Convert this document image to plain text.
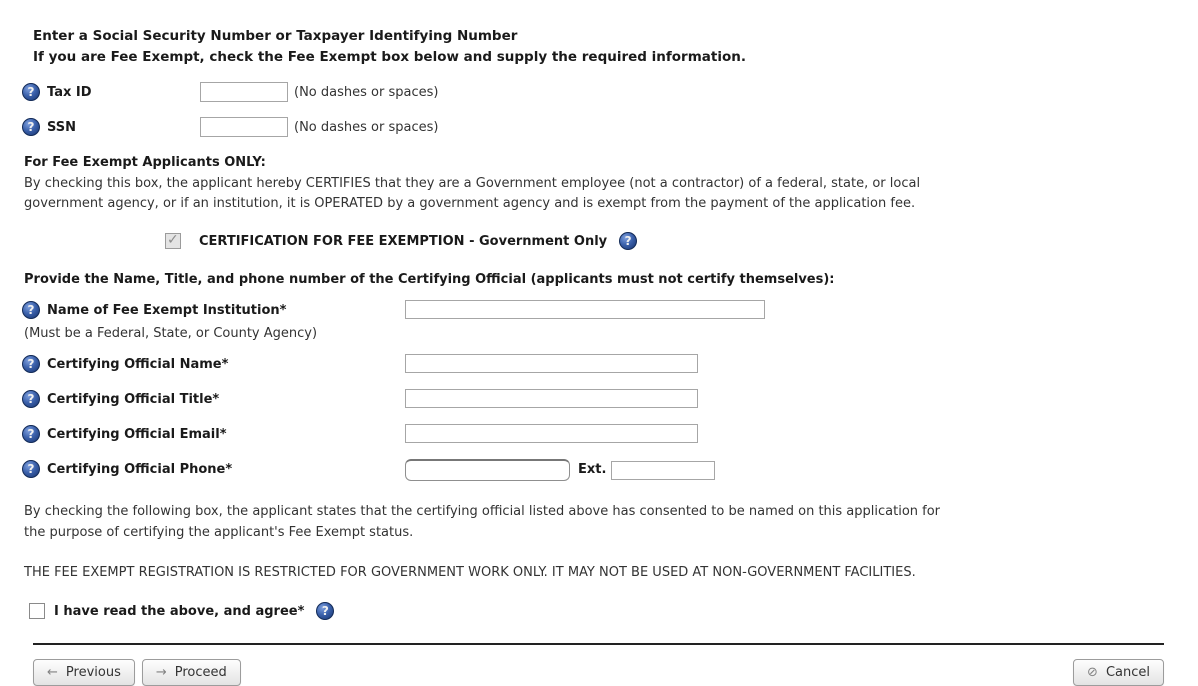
Enter a Social Security Number or Taxpayer Identifying Number
If you are Fee Exempt, check the Fee Exempt box below and supply the required information.
? Tax ID	(No dashes or spaces)
? SSN	(No dashes or spaces)
For Fee Exempt Applicants ONLY:
By checking this box, the applicant hereby CERTIFIES that they are a Government employee (not a contractor) of a federal, state, or local government agency, or if an institution, it is OPERATED by a government agency and is exempt from the payment of the application fee.
✓
CERTIFICATION FOR FEE EXEMPTION - Government Only	?
Provide the Name, Title, and phone number of the Certifying Official (applicants must not certify themselves):
? Name of Fee Exempt Institution*
(Must be a Federal, State, or County Agency)
? Certifying Official Name*
? Certifying Official Title*
? Certifying Official Email*
? Certifying Official Phone*	Ext.
By checking the following box, the applicant states that the certifying official listed above has consented to be named on this application for the purpose of certifying the applicant's Fee Exempt status.
THE FEE EXEMPT REGISTRATION IS RESTRICTED FOR GOVERNMENT WORK ONLY. IT MAY NOT BE USED AT NON-GOVERNMENT FACILITIES.
I have read the above, and agree*	?
← Previous	→ Proceed	⊘ Cancel
